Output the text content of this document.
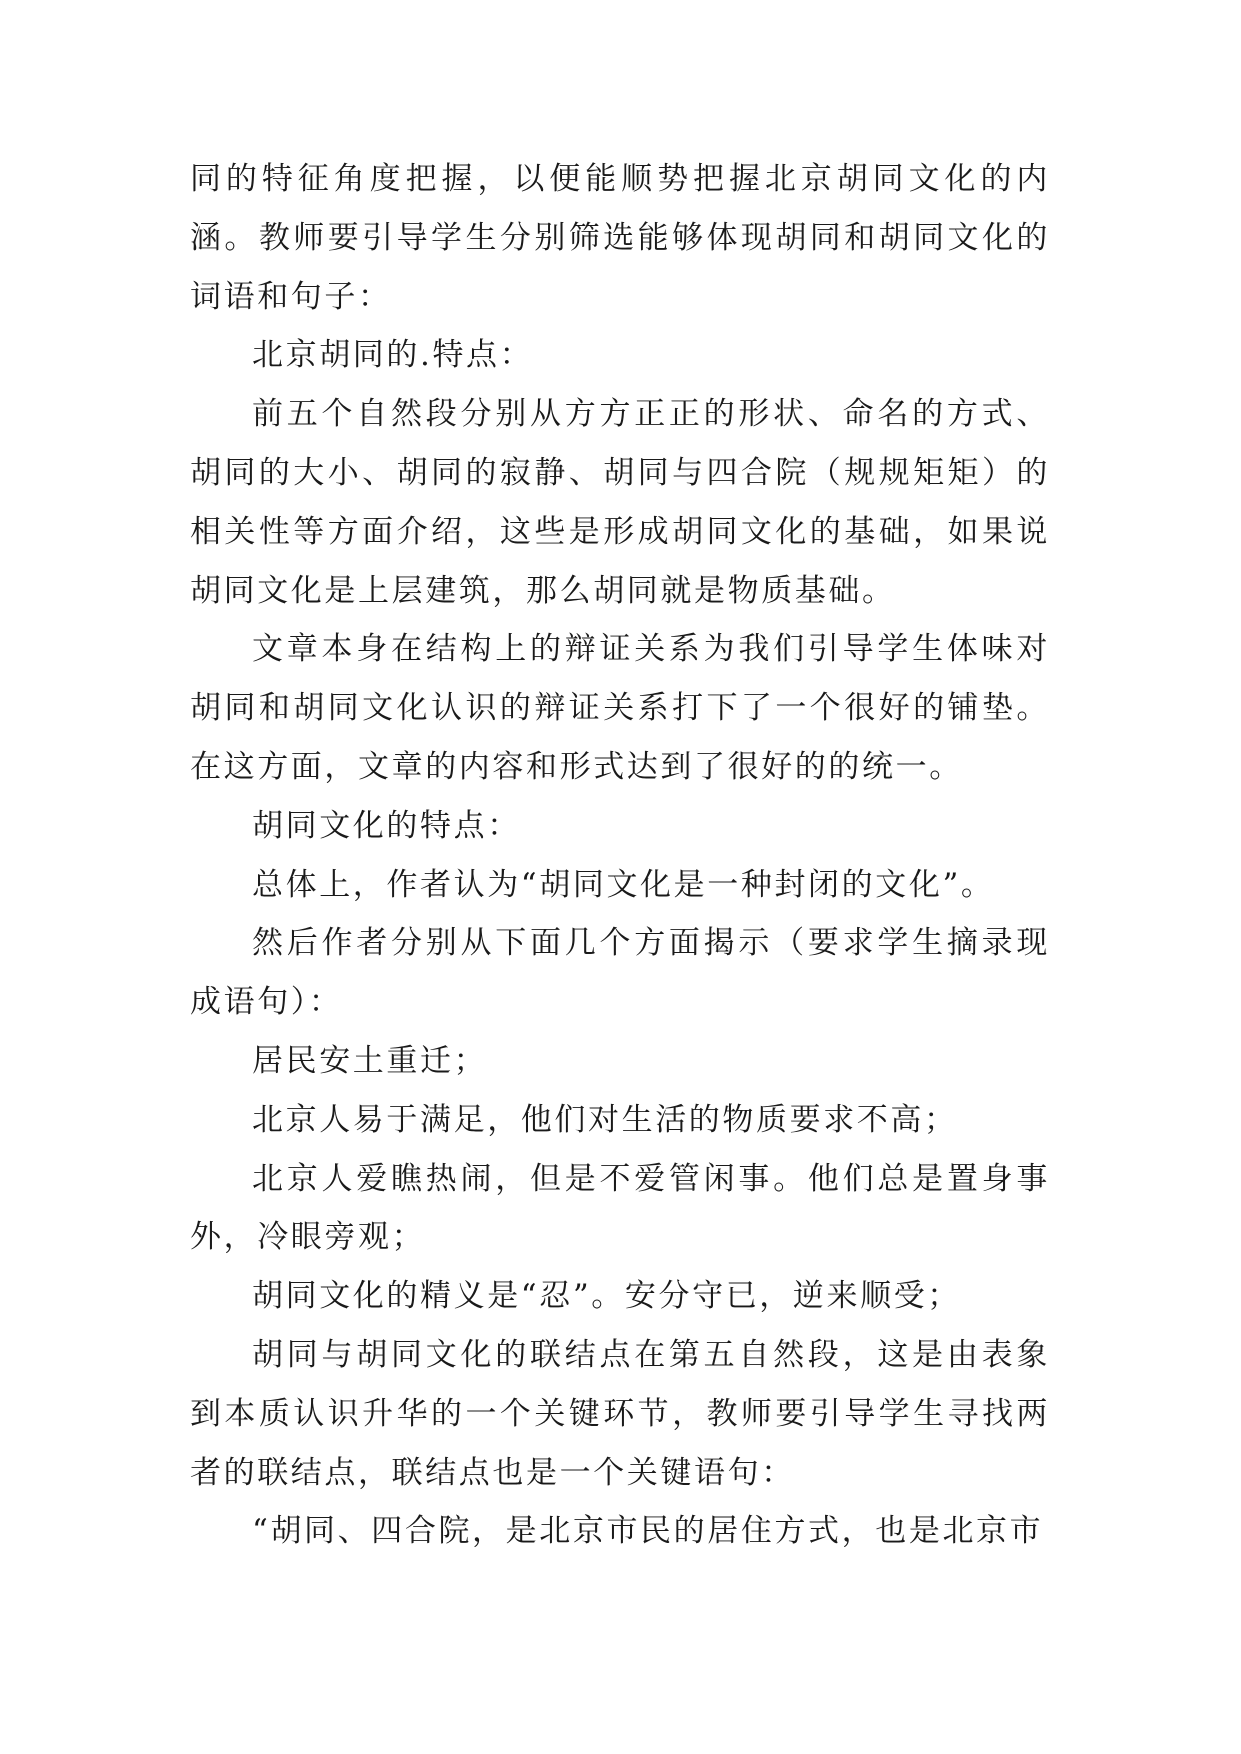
同的特征角度把握，以便能顺势把握北京胡同文化的内涵。教师要引导学生分别筛选能够体现胡同和胡同文化的词语和句子：

北京胡同的.特点：

前五个自然段分别从方方正正的形状、命名的方式、胡同的大小、胡同的寂静、胡同与四合院（规规矩矩）的相关性等方面介绍，这些是形成胡同文化的基础，如果说胡同文化是上层建筑，那么胡同就是物质基础。

文章本身在结构上的辩证关系为我们引导学生体味对胡同和胡同文化认识的辩证关系打下了一个很好的铺垫。在这方面，文章的内容和形式达到了很好的的统一。

胡同文化的特点：

总体上，作者认为“胡同文化是一种封闭的文化”。

然后作者分别从下面几个方面揭示（要求学生摘录现成语句）：

居民安土重迁；

北京人易于满足，他们对生活的物质要求不高；

北京人爱瞧热闹，但是不爱管闲事。他们总是置身事外，冷眼旁观；

胡同文化的精义是“忍”。安分守已，逆来顺受；

胡同与胡同文化的联结点在第五自然段，这是由表象到本质认识升华的一个关键环节，教师要引导学生寻找两者的联结点，联结点也是一个关键语句：

“胡同、四合院，是北京市民的居住方式，也是北京市
